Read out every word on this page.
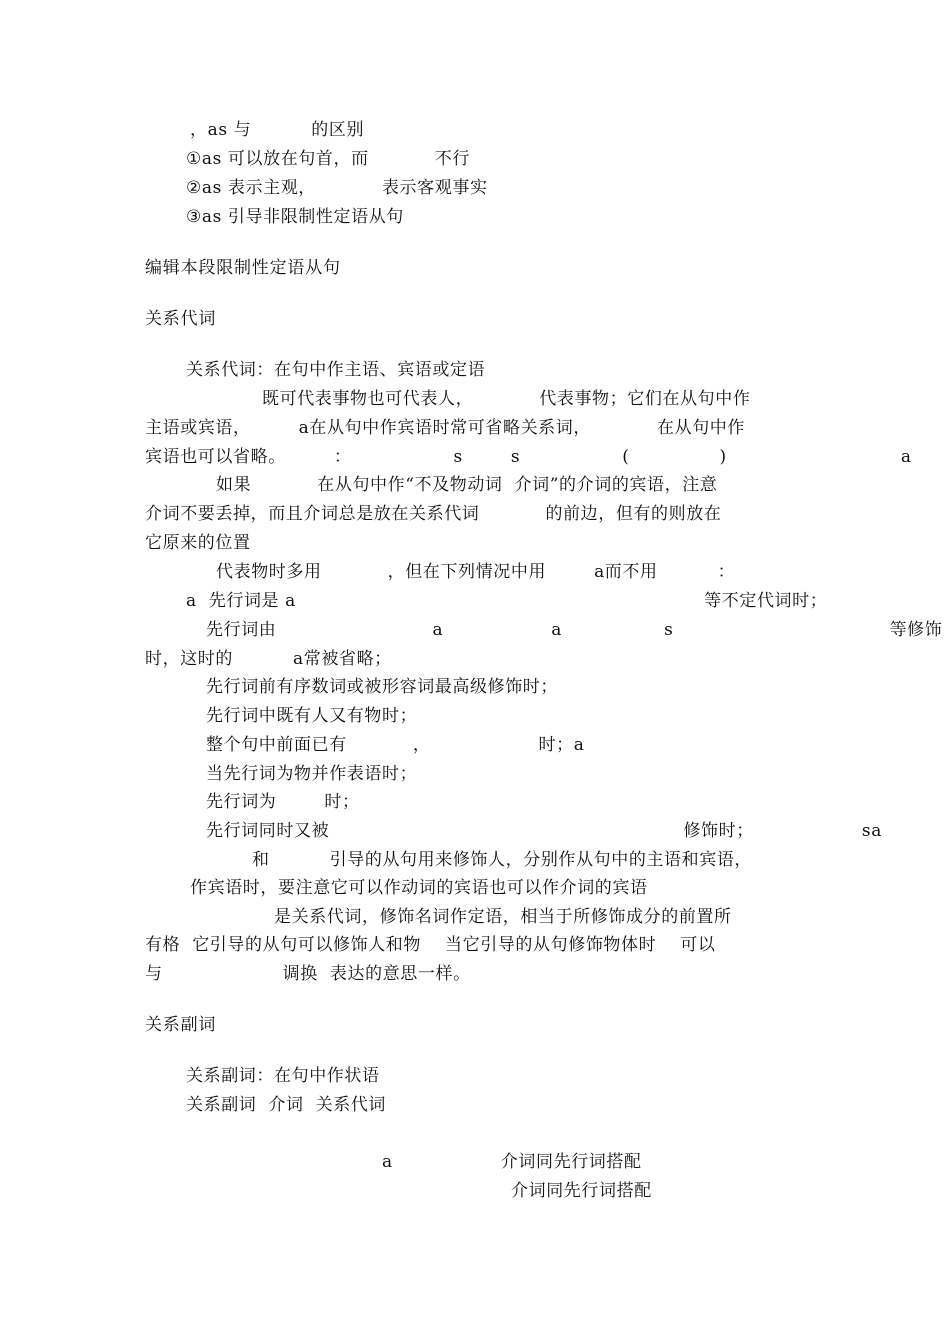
，as 与          的区别
①as 可以放在句首，而           不行
②as 表示主观，           表示客观事实
③as 引导非限制性定语从句
编辑本段限制性定语从句
关系代词
关系代词：在句中作主语、宾语或定语
既可代表事物也可代表人，           代表事物；它们在从句中作
主语或宾语，        a在从句中作宾语时常可省略关系词，           在从句中作
宾语也可以省略。        ：                 s        s                 (               )                             a
如果           在从句中作“不及物动词  介词”的介词的宾语，注意
介词不要丢掉，而且介词总是放在关系代词           的前边，但有的则放在
它原来的位置
代表物时多用           ，但在下列情况中用        a而不用          ：
a  先行词是 a                                                                    等不定代词时；
先行词由                          a                  a                 s                                    等修饰
时，这时的          a常被省略；
先行词前有序数词或被形容词最高级修饰时；
先行词中既有人又有物时；
整个句中前面已有           ，                  时；a
当先行词为物并作表语时；
先行词为        时；
先行词同时又被                                                           修饰时；                  sa
和          引导的从句用来修饰人，分别作从句中的主语和宾语，
作宾语时，要注意它可以作动词的宾语也可以作介词的宾语
是关系代词，修饰名词作定语，相当于所修饰成分的前置所
有格  它引导的从句可以修饰人和物    当它引导的从句修饰物体时    可以
与                    调换  表达的意思一样。
关系副词
关系副词：在句中作状语
关系副词  介词  关系代词
a                  介词同先行词搭配
介词同先行词搭配
